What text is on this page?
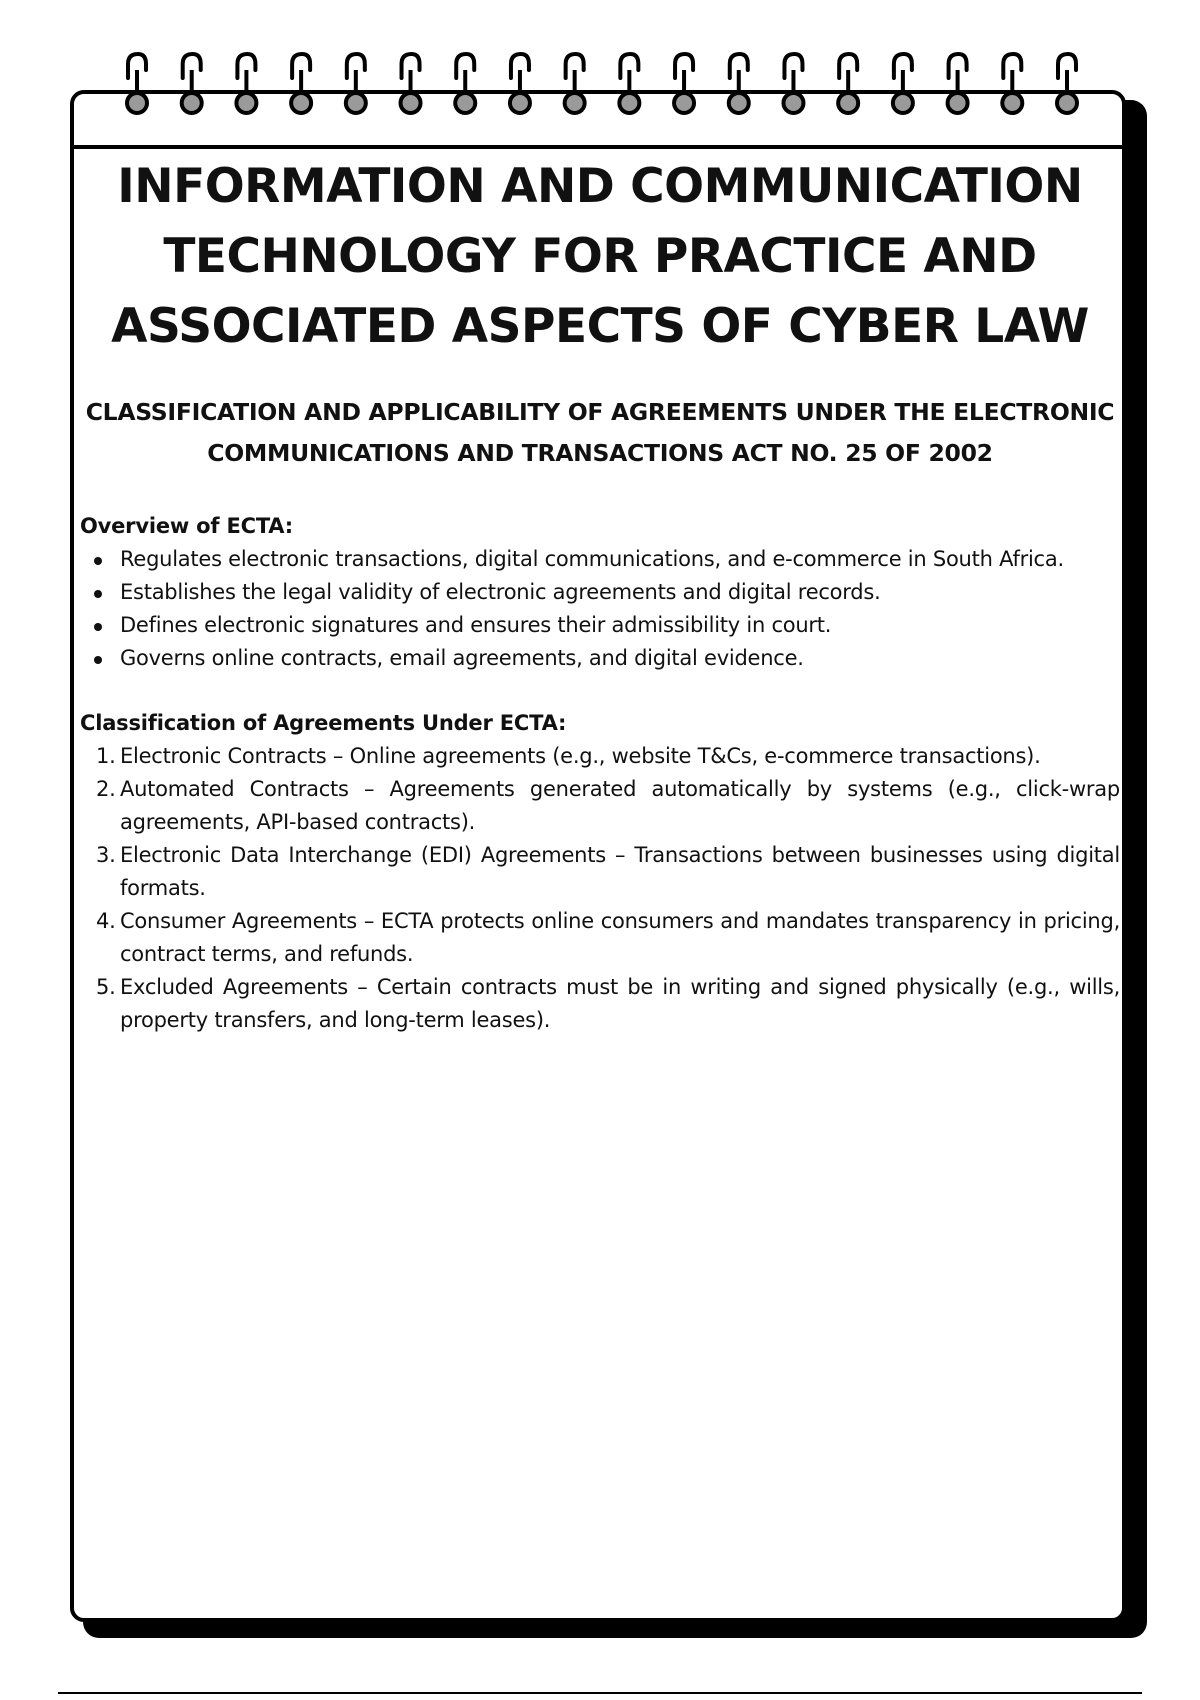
INFORMATION AND COMMUNICATION TECHNOLOGY FOR PRACTICE AND ASSOCIATED ASPECTS OF CYBER LAW
CLASSIFICATION AND APPLICABILITY OF AGREEMENTS UNDER THE ELECTRONIC COMMUNICATIONS AND TRANSACTIONS ACT NO. 25 OF 2002
Overview of ECTA:
Regulates electronic transactions, digital communications, and e-commerce in South Africa.
Establishes the legal validity of electronic agreements and digital records.
Defines electronic signatures and ensures their admissibility in court.
Governs online contracts, email agreements, and digital evidence.
Classification of Agreements Under ECTA:
1. Electronic Contracts – Online agreements (e.g., website T&Cs, e-commerce transactions).
2. Automated Contracts – Agreements generated automatically by systems (e.g., click-wrap agreements, API-based contracts).
3. Electronic Data Interchange (EDI) Agreements – Transactions between businesses using digital formats.
4. Consumer Agreements – ECTA protects online consumers and mandates transparency in pricing, contract terms, and refunds.
5. Excluded Agreements – Certain contracts must be in writing and signed physically (e.g., wills, property transfers, and long-term leases).
